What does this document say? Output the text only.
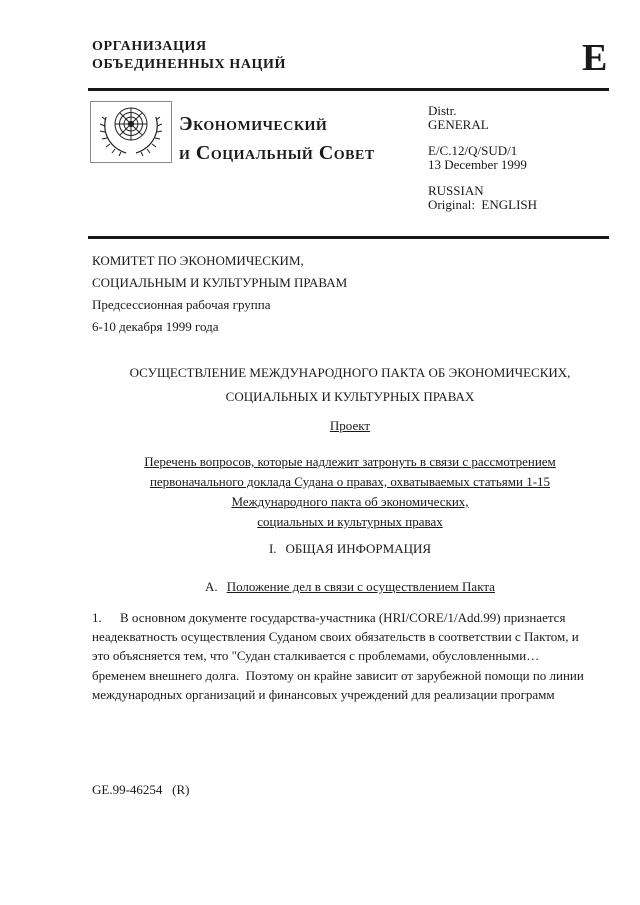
ОРГАНИЗАЦИЯ
ОБЪЕДИНЕННЫХ НАЦИЙ	E
Экономический
и Социальный Совет
Distr.
GENERAL
E/C.12/Q/SUD/1
13 December 1999
RUSSIAN
Original:  ENGLISH
КОМИТЕТ ПО ЭКОНОМИЧЕСКИМ,
СОЦИАЛЬНЫМ И КУЛЬТУРНЫМ ПРАВАМ
Предсессионная рабочая группа
6-10 декабря 1999 года
ОСУЩЕСТВЛЕНИЕ МЕЖДУНАРОДНОГО ПАКТА ОБ ЭКОНОМИЧЕСКИХ,
СОЦИАЛЬНЫХ И КУЛЬТУРНЫХ ПРАВАХ
Проект
Перечень вопросов, которые надлежит затронуть в связи с рассмотрением
первоначального доклада Судана о правах, охватываемых статьями 1-15
Международного пакта об экономических,
социальных и культурных правах
I. ОБЩАЯ ИНФОРМАЦИЯ
А. Положение дел в связи с осуществлением Пакта
1. В основном документе государства-участника (HRI/CORE/1/Add.99) признается
неадекватность осуществления Суданом своих обязательств в соответствии с Пактом, и
это объясняется тем, что "Судан сталкивается с проблемами, обусловленными…
бременем внешнего долга.  Поэтому он крайне зависит от зарубежной помощи по линии
международных организаций и финансовых учреждений для реализации программ
GE.99-46254   (R)
